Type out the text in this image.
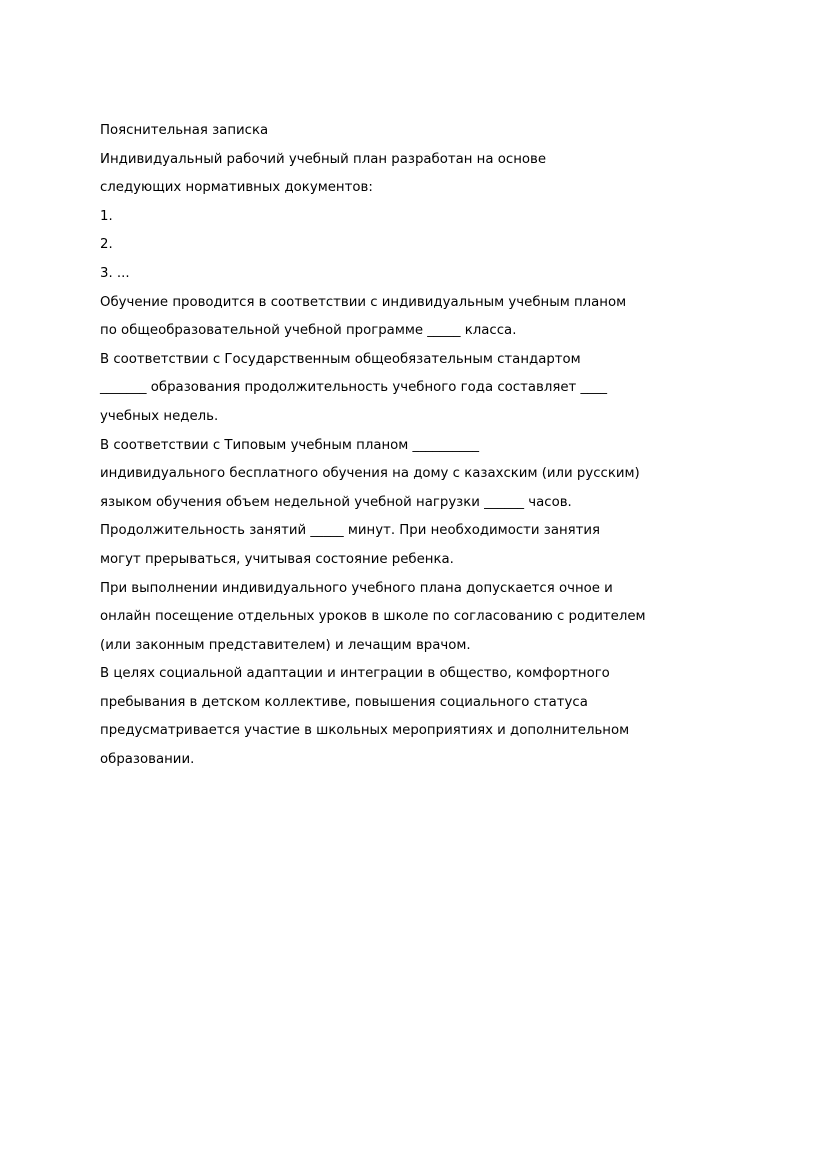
Пояснительная записка

Индивидуальный рабочий учебный план разработан на основе

следующих нормативных документов:

1.

2.

3. ...

Обучение проводится в соответствии с индивидуальным учебным планом

по общеобразовательной учебной программе _____ класса.

В соответствии с Государственным общеобязательным стандартом

_______ образования продолжительность учебного года составляет ____

учебных недель.

В соответствии с Типовым учебным планом __________

индивидуального бесплатного обучения на дому с казахским (или русским)

языком обучения объем недельной учебной нагрузки ______ часов.

Продолжительность занятий _____ минут. При необходимости занятия

могут прерываться, учитывая состояние ребенка.

При выполнении индивидуального учебного плана допускается очное и

онлайн посещение отдельных уроков в школе по согласованию с родителем

(или законным представителем) и лечащим врачом.

В целях социальной адаптации и интеграции в общество, комфортного

пребывания в детском коллективе, повышения социального статуса

предусматривается участие в школьных мероприятиях и дополнительном

образовании.
